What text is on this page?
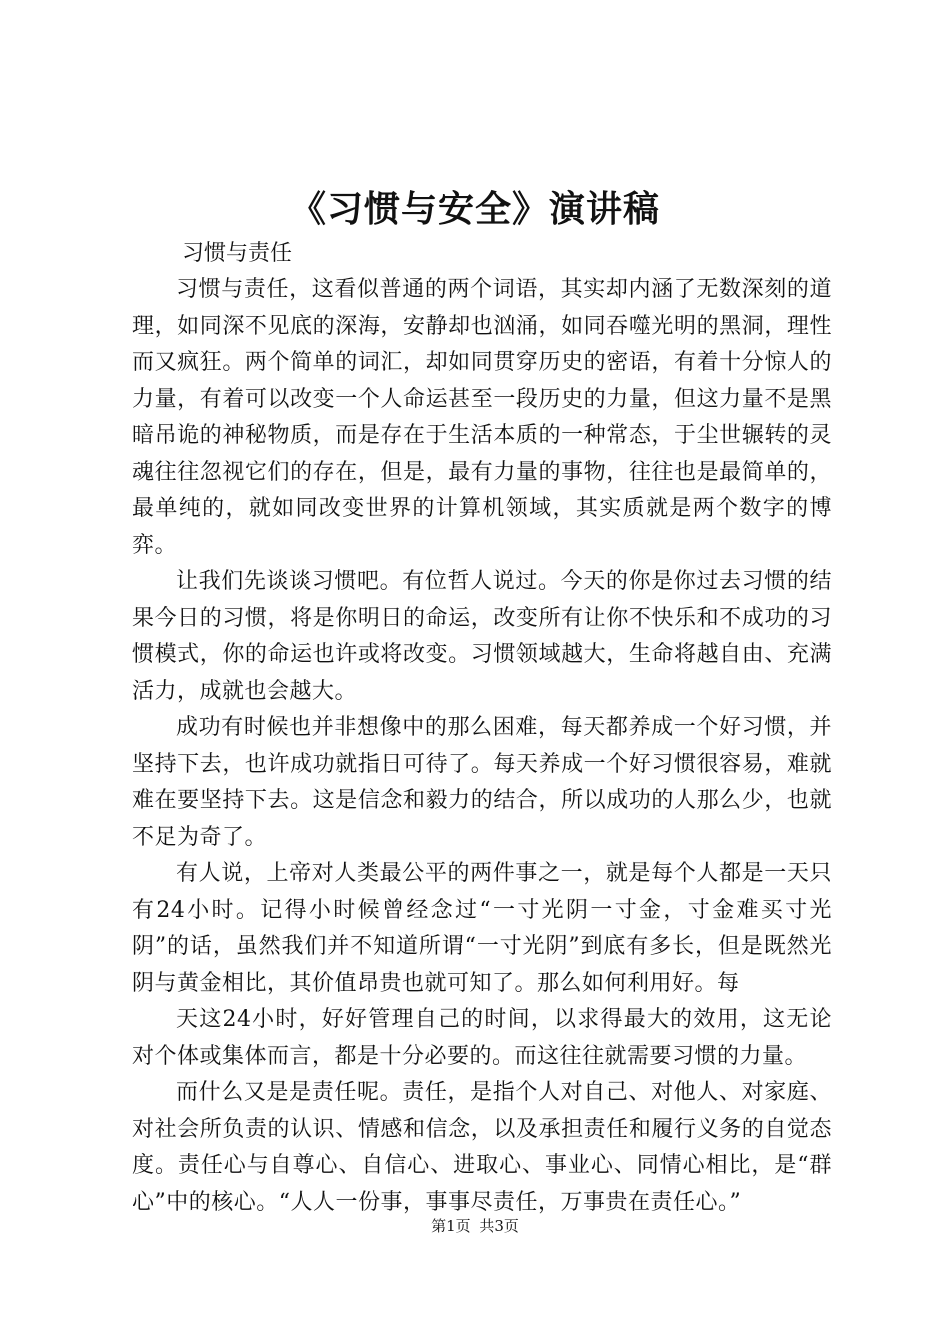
《习惯与安全》演讲稿
习惯与责任

习惯与责任，这看似普通的两个词语，其实却内涵了无数深刻的道理，如同深不见底的深海，安静却也汹涌，如同吞噬光明的黑洞，理性而又疯狂。两个简单的词汇，却如同贯穿历史的密语，有着十分惊人的力量，有着可以改变一个人命运甚至一段历史的力量，但这力量不是黑暗吊诡的神秘物质，而是存在于生活本质的一种常态，于尘世辗转的灵魂往往忽视它们的存在，但是，最有力量的事物，往往也是最简单的，最单纯的，就如同改变世界的计算机领域，其实质就是两个数字的博弈。

让我们先谈谈习惯吧。有位哲人说过。今天的你是你过去习惯的结果今日的习惯，将是你明日的命运，改变所有让你不快乐和不成功的习惯模式，你的命运也许或将改变。习惯领域越大，生命将越自由、充满活力，成就也会越大。

成功有时候也并非想像中的那么困难，每天都养成一个好习惯，并坚持下去，也许成功就指日可待了。每天养成一个好习惯很容易，难就难在要坚持下去。这是信念和毅力的结合，所以成功的人那么少，也就不足为奇了。

有人说，上帝对人类最公平的两件事之一，就是每个人都是一天只有24小时。记得小时候曾经念过“一寸光阴一寸金，寸金难买寸光阴”的话，虽然我们并不知道所谓“一寸光阴”到底有多长，但是既然光阴与黄金相比，其价值昂贵也就可知了。那么如何利用好。每

天这24小时，好好管理自己的时间，以求得最大的效用，这无论对个体或集体而言，都是十分必要的。而这往往就需要习惯的力量。

而什么又是是责任呢。责任，是指个人对自己、对他人、对家庭、对社会所负责的认识、情感和信念，以及承担责任和履行义务的自觉态度。责任心与自尊心、自信心、进取心、事业心、同情心相比，是“群心”中的核心。“人人一份事，事事尽责任，万事贵在责任心。”

第1页 共3页
